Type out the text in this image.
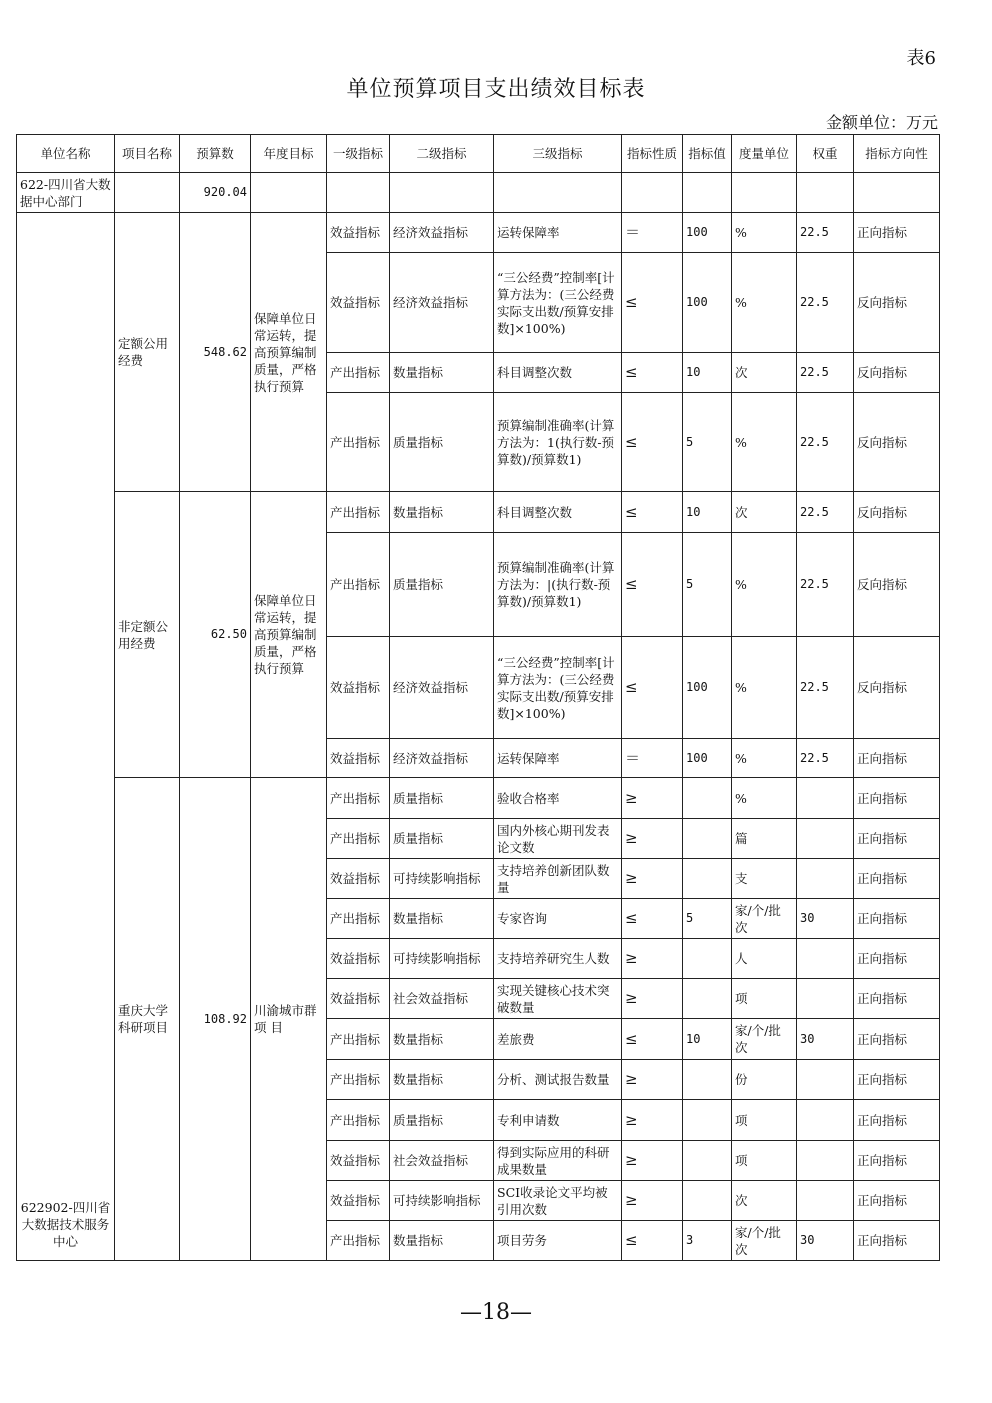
表6
单位预算项目支出绩效目标表
金额单位：万元
单位名称	项目名称	预算数	年度目标	一级指标	二级指标	三级指标	指标性质	指标值	度量单位	权重	指标方向性
622-四川省大数据中心部门		920.04									
622902-四川省大数据技术服务中心	定额公用经费	548.62	保障单位日常运转，提高预算编制质量，严格执行预算	效益指标	经济效益指标	运转保障率	＝	100	%	22.5	正向指标
				效益指标	经济效益指标	“三公经费”控制率[计算方法为：(三公经费实际支出数/预算安排数]×100%)	≤	100	%	22.5	反向指标
				产出指标	数量指标	科目调整次数	≤	10	次	22.5	反向指标
				产出指标	质量指标	预算编制准确率(计算方法为：1(执行数-预算数)/预算数1)	≤	5	%	22.5	反向指标
	非定额公用经费	62.50	保障单位日常运转，提高预算编制质量，严格执行预算	产出指标	数量指标	科目调整次数	≤	10	次	22.5	反向指标
				产出指标	质量指标	预算编制准确率(计算方法为：|(执行数-预算数)/预算数1)	≤	5	%	22.5	反向指标
				效益指标	经济效益指标	“三公经费”控制率[计算方法为：(三公经费实际支出数/预算安排数]×100%)	≤	100	%	22.5	反向指标
				效益指标	经济效益指标	运转保障率	＝	100	%	22.5	正向指标
	重庆大学科研项目	108.92	川渝城市群项 目	产出指标	质量指标	验收合格率	≥		%		正向指标
				产出指标	质量指标	国内外核心期刊发表论文数	≥		篇		正向指标
				效益指标	可持续影响指标	支持培养创新团队数量	≥		支		正向指标
				产出指标	数量指标	专家咨询	≤	5	家/个/批次	30	正向指标
				效益指标	可持续影响指标	支持培养研究生人数	≥		人		正向指标
				效益指标	社会效益指标	实现关键核心技术突破数量	≥		项		正向指标
				产出指标	数量指标	差旅费	≤	10	家/个/批次	30	正向指标
				产出指标	数量指标	分析、测试报告数量	≥		份		正向指标
				产出指标	质量指标	专利申请数	≥		项		正向指标
				效益指标	社会效益指标	得到实际应用的科研成果数量	≥		项		正向指标
				效益指标	可持续影响指标	SCI收录论文平均被引用次数	≥		次		正向指标
				产出指标	数量指标	项目劳务	≤	3	家/个/批次	30	正向指标
—18—
